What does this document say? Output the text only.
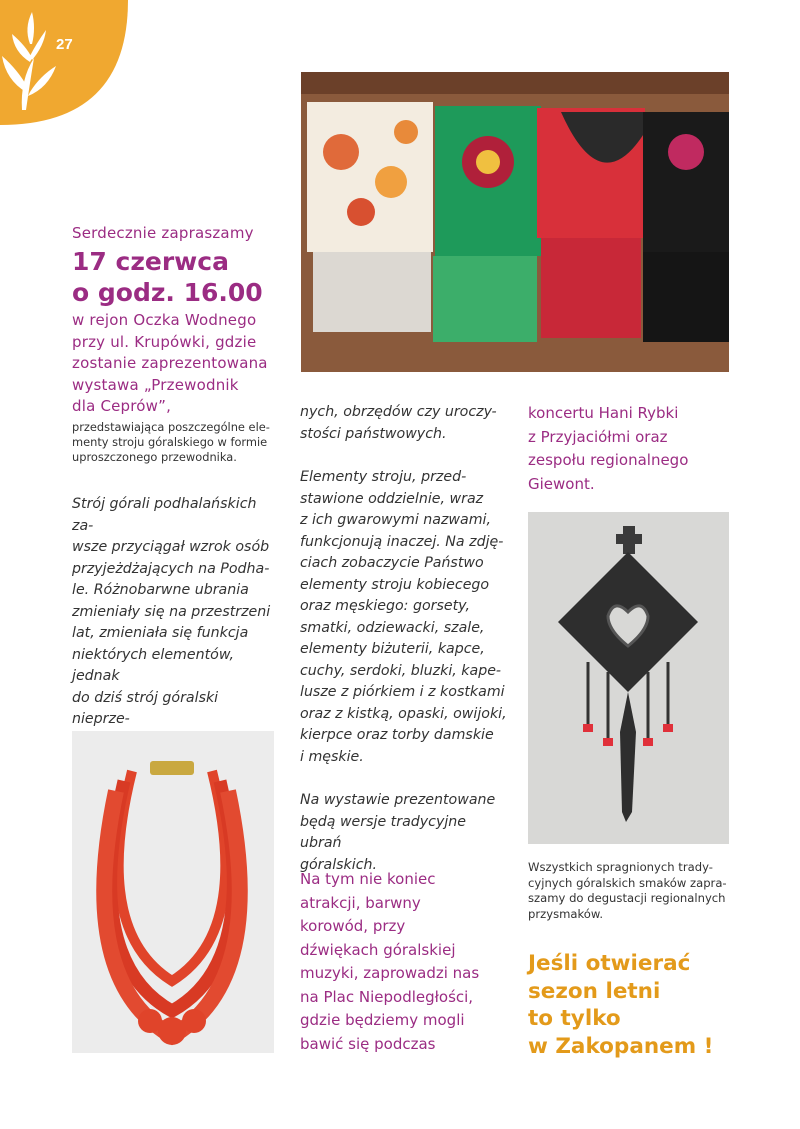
27

Serdecznie zapraszamy

17 czerwca

o godz. 16.00

w rejon Oczka Wodnego
przy ul. Krupówki, gdzie
zostanie zaprezentowana
wystawa „Przewodnik
dla Ceprów”,

przedstawiająca poszczególne ele-
menty stroju góralskiego w formie
uproszczonego przewodnika.

Strój górali podhalańskich za-
wsze przyciągał wzrok osób
przyjeżdżających na Podha-
le. Różnobarwne ubrania
zmieniały się na przestrzeni
lat, zmieniała się funkcja
niektórych elementów, jednak
do dziś strój góralski nieprze-

nych, obrzędów czy uroczy-
stości państwowych.

Elementy stroju, przed-
stawione oddzielnie, wraz
z ich gwarowymi nazwami,
funkcjonują inaczej. Na zdję-
ciach zobaczycie Państwo
elementy stroju kobiecego
oraz męskiego: gorsety,
smatki, odziewacki, szale,
elementy biżuterii, kapce,
cuchy, serdoki, bluzki, kape-
lusze z piórkiem i z kostkami
oraz z kistką, opaski, owijoki,
kierpce oraz torby damskie
i męskie.

Na wystawie prezentowane
będą wersje tradycyjne ubrań
góralskich.

Na tym nie koniec
atrakcji, barwny
korowód, przy
dźwiękach góralskiej
muzyki, zaprowadzi nas
na Plac Niepodległości,
gdzie będziemy mogli
bawić się podczas
koncertu Hani Rybki
z Przyjaciółmi oraz
zespołu regionalnego
Giewont.
Wszystkich spragnionych trady-
cyjnych góralskich smaków zapra-
szamy do degustacji regionalnych
przysmaków.
Jeśli otwierać
sezon letni
to tylko
w Zakopanem !
